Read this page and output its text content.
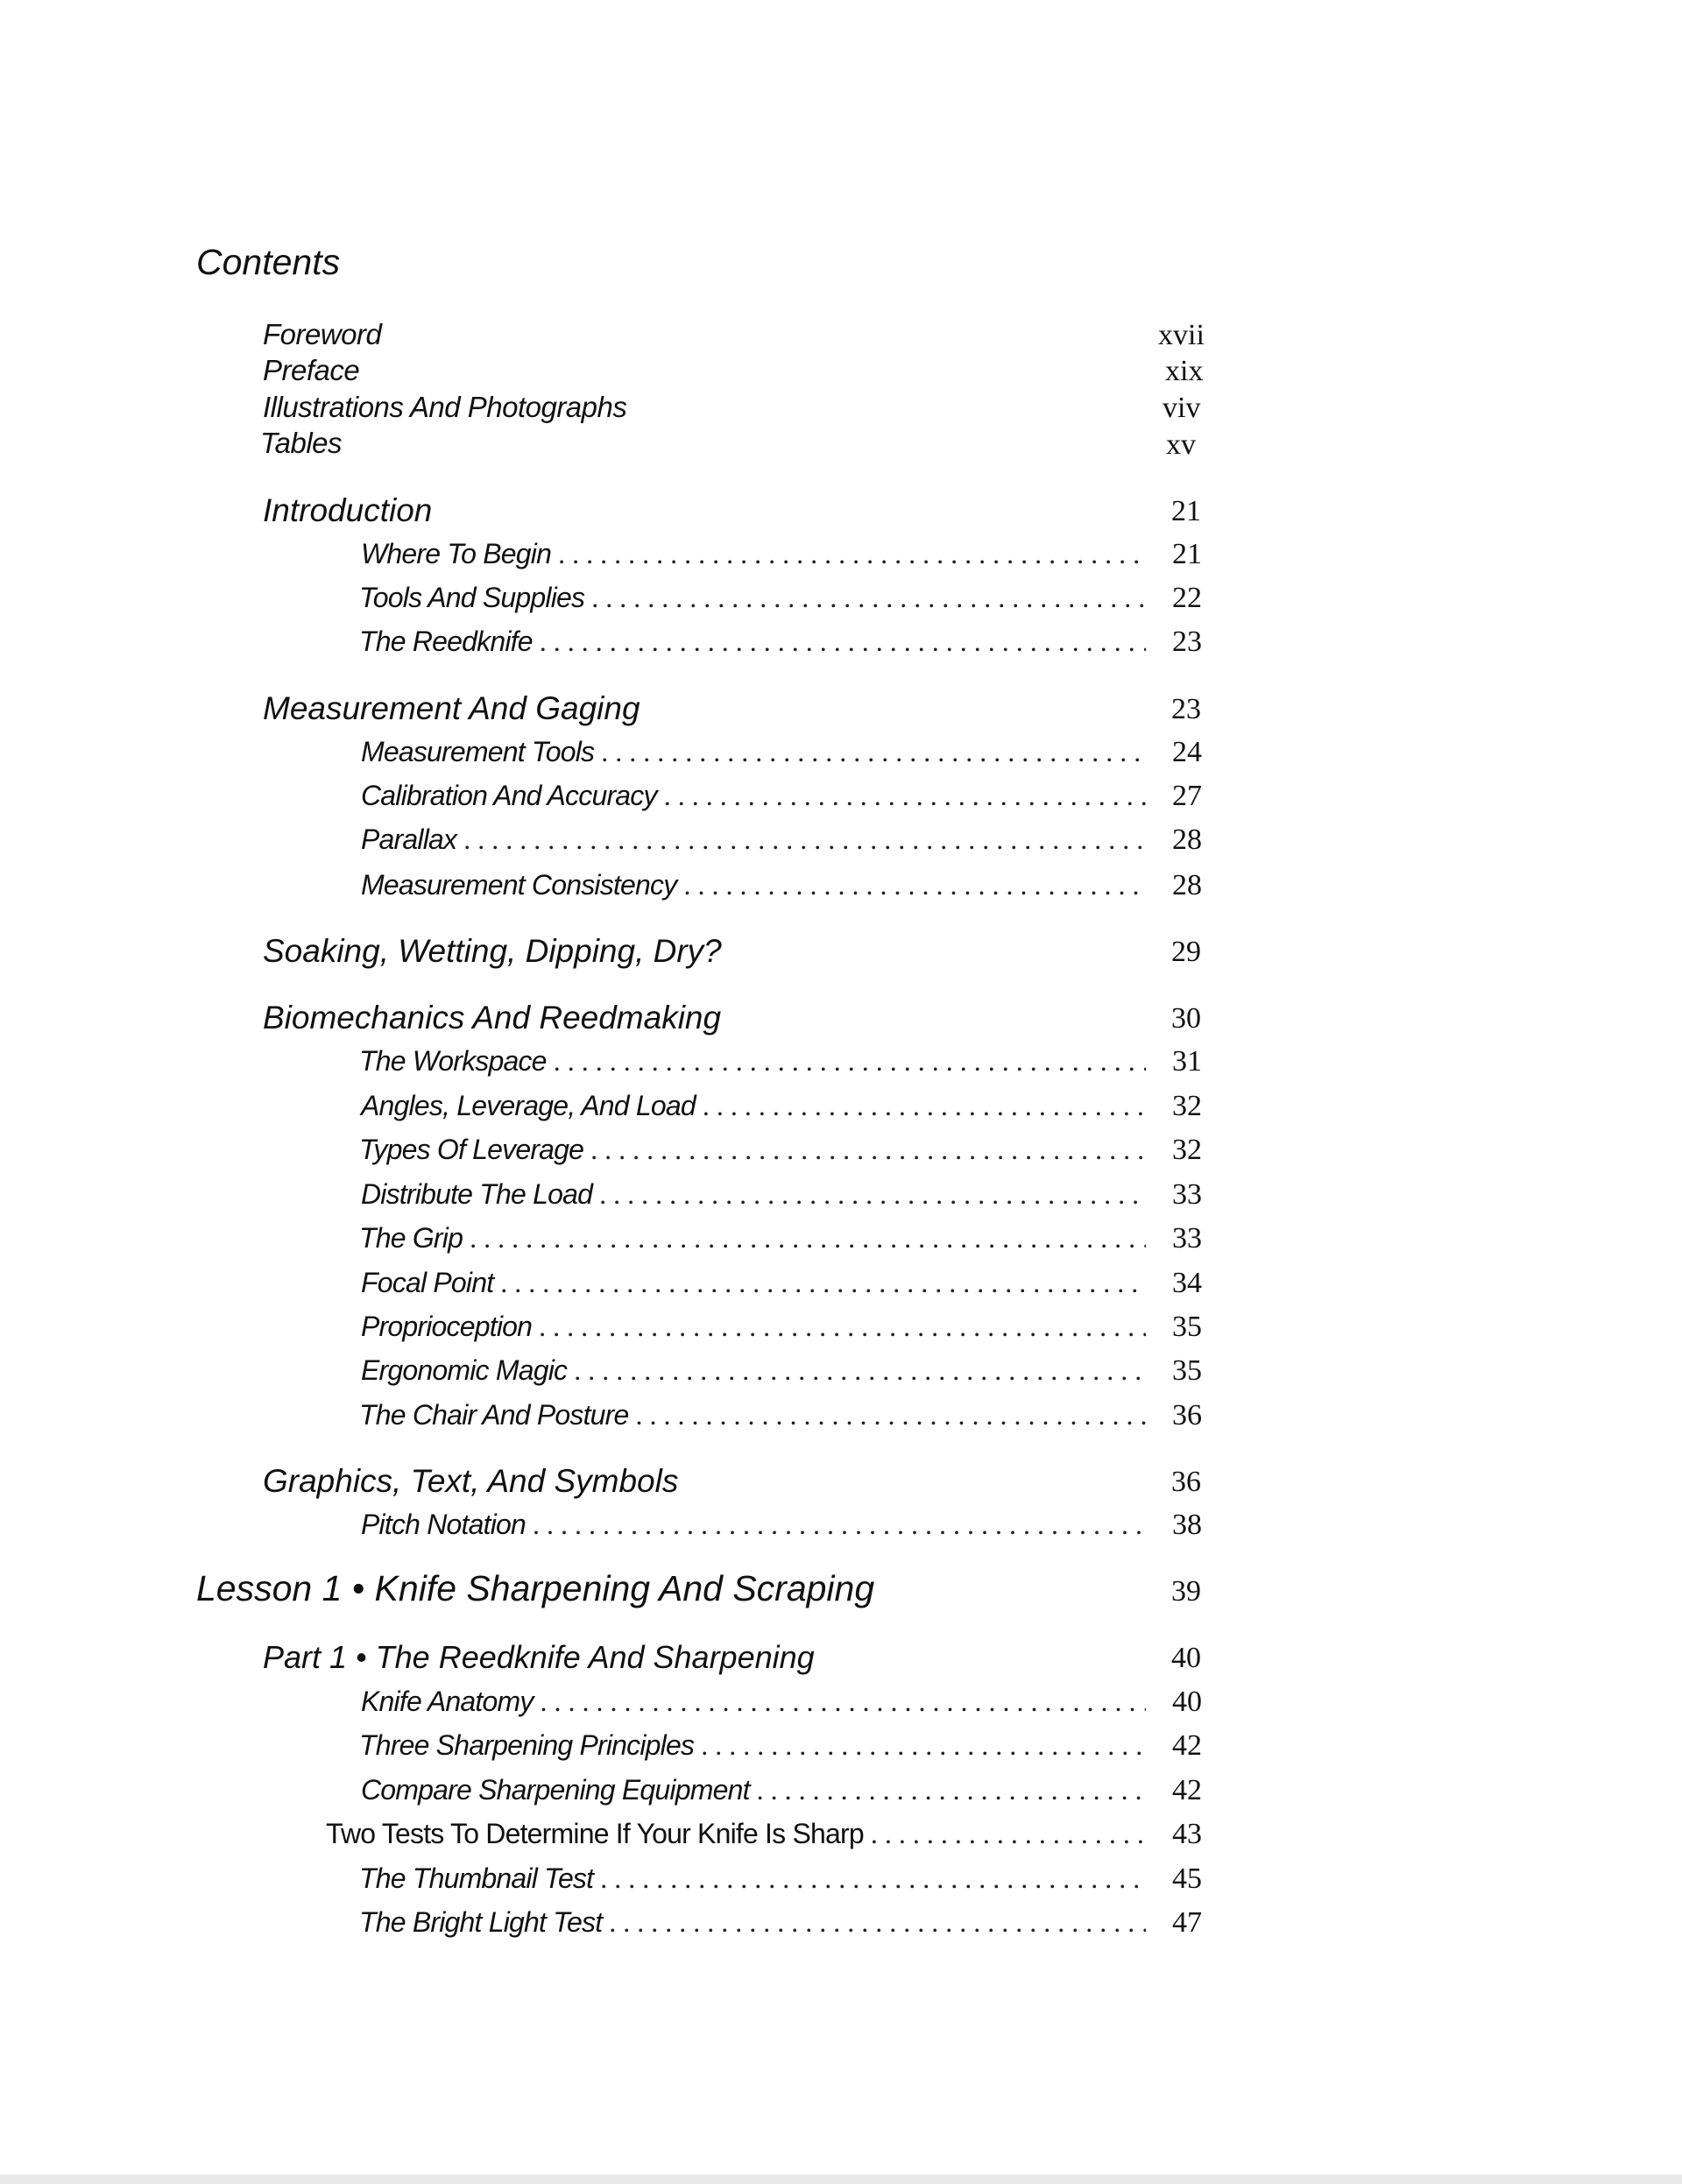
Contents
Foreword	xvii
Preface	xix
Illustrations And Photographs	viv
Tables	xv
Introduction	21
Where To Begin . . .	21
Tools And Supplies . . .	22
The Reedknife . . .	23
Measurement And Gaging	23
Measurement Tools . . .	24
Calibration And Accuracy . . .	27
Parallax . . .	28
Measurement Consistency . . .	28
Soaking, Wetting, Dipping, Dry?	29
Biomechanics And Reedmaking	30
The Workspace . . .	31
Angles, Leverage, And Load . . .	32
Types Of Leverage . . .	32
Distribute The Load . . .	33
The Grip . . .	33
Focal Point . . .	34
Proprioception . . .	35
Ergonomic Magic . . .	35
The Chair And Posture . . .	36
Graphics, Text, And Symbols	36
Pitch Notation . . .	38
Lesson 1 • Knife Sharpening And Scraping	39
Part 1 • The Reedknife And Sharpening	40
Knife Anatomy . . .	40
Three Sharpening Principles . . .	42
Compare Sharpening Equipment . . .	42
Two Tests To Determine If Your Knife Is Sharp . . .	43
The Thumbnail Test . . .	45
The Bright Light Test . . .	47
